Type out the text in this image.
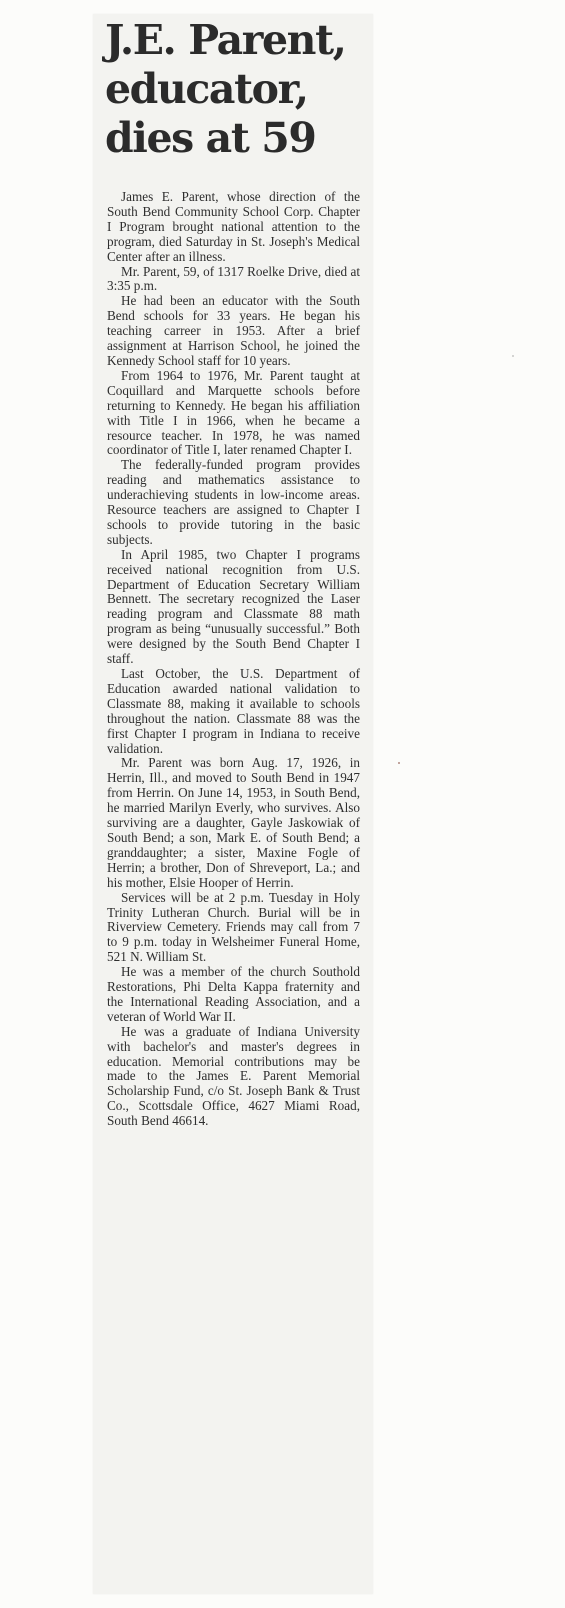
J.E. Parent,
educator,
dies at 59

James E. Parent, whose direction of the South Bend Community School Corp. Chapter I Program brought national attention to the program, died Saturday in St. Joseph's Medical Center after an illness.

Mr. Parent, 59, of 1317 Roelke Drive, died at 3:35 p.m.

He had been an educator with the South Bend schools for 33 years. He began his teaching carreer in 1953. After a brief assignment at Harrison School, he joined the Kennedy School staff for 10 years.

From 1964 to 1976, Mr. Parent taught at Coquillard and Marquette schools before returning to Kennedy. He began his affiliation with Title I in 1966, when he became a resource teacher. In 1978, he was named coordinator of Title I, later renamed Chapter I.

The federally-funded program provides reading and mathematics assistance to underachieving students in low-income areas. Resource teachers are assigned to Chapter I schools to provide tutoring in the basic subjects.

In April 1985, two Chapter I programs received national recognition from U.S. Department of Education Secretary William Bennett. The secretary recognized the Laser reading program and Classmate 88 math program as being “unusually successful.” Both were designed by the South Bend Chapter I staff.

Last October, the U.S. Department of Education awarded national validation to Classmate 88, making it available to schools throughout the nation. Classmate 88 was the first Chapter I program in Indiana to receive validation.

Mr. Parent was born Aug. 17, 1926, in Herrin, Ill., and moved to South Bend in 1947 from Herrin. On June 14, 1953, in South Bend, he married Marilyn Everly, who survives. Also surviving are a daughter, Gayle Jaskowiak of South Bend; a son, Mark E. of South Bend; a granddaughter; a sister, Maxine Fogle of Herrin; a brother, Don of Shreveport, La.; and his mother, Elsie Hooper of Herrin.

Services will be at 2 p.m. Tuesday in Holy Trinity Lutheran Church. Burial will be in Riverview Cemetery. Friends may call from 7 to 9 p.m. today in Welsheimer Funeral Home, 521 N. William St.

He was a member of the church Southold Restorations, Phi Delta Kappa fraternity and the International Reading Association, and a veteran of World War II.

He was a graduate of Indiana University with bachelor's and master's degrees in education. Memorial contributions may be made to the James E. Parent Memorial Scholarship Fund, c/o St. Joseph Bank & Trust Co., Scottsdale Office, 4627 Miami Road, South Bend 46614.
